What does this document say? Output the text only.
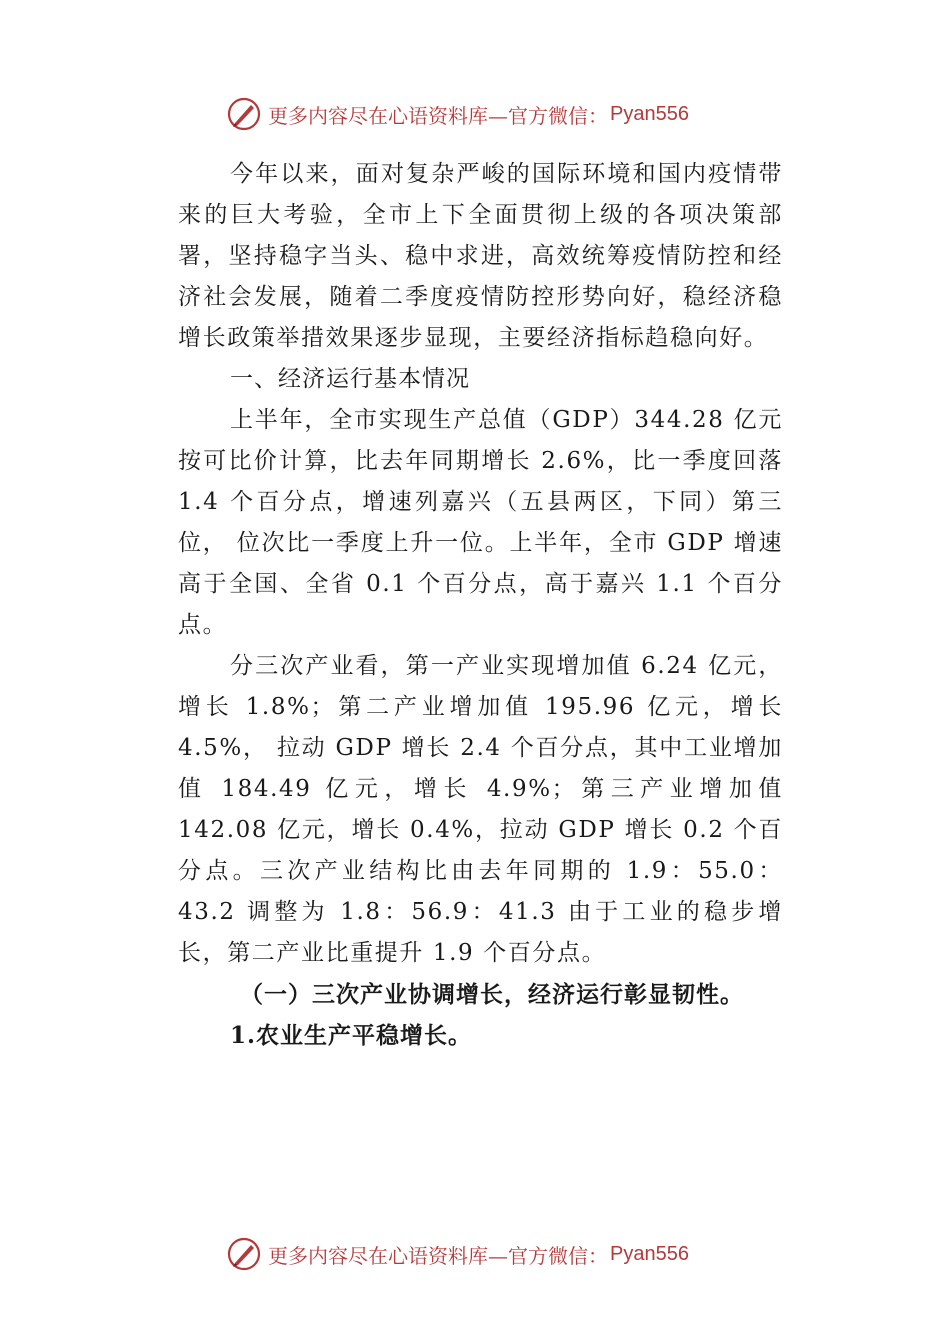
更多内容尽在心语资料库—官方微信： Pyan556

今年以来，面对复杂严峻的国际环境和国内疫情带来的巨大考验，全市上下全面贯彻上级的各项决策部署，坚持稳字当头、稳中求进，高效统筹疫情防控和经济社会发展，随着二季度疫情防控形势向好，稳经济稳增长政策举措效果逐步显现，主要经济指标趋稳向好。

一、经济运行基本情况

上半年，全市实现生产总值（GDP）344.28 亿元按可比价计算，比去年同期增长 2.6%，比一季度回落 1.4 个百分点，增速列嘉兴（五县两区，下同）第三位， 位次比一季度上升一位。上半年，全市 GDP 增速高于全国、全省 0.1 个百分点，高于嘉兴 1.1 个百分点。

分三次产业看，第一产业实现增加值 6.24 亿元，增长 1.8%；第二产业增加值 195.96 亿元，增长 4.5%， 拉动 GDP 增长 2.4 个百分点，其中工业增加值 184.49 亿元，增长 4.9%；第三产业增加值 142.08 亿元，增长 0.4%，拉动 GDP 增长 0.2 个百分点。三次产业结构比由去年同期的 1.9：55.0：43.2 调整为 1.8：56.9：41.3 由于工业的稳步增长，第二产业比重提升 1.9 个百分点。

（一）三次产业协调增长，经济运行彰显韧性。

1.农业生产平稳增长。

更多内容尽在心语资料库—官方微信： Pyan556
